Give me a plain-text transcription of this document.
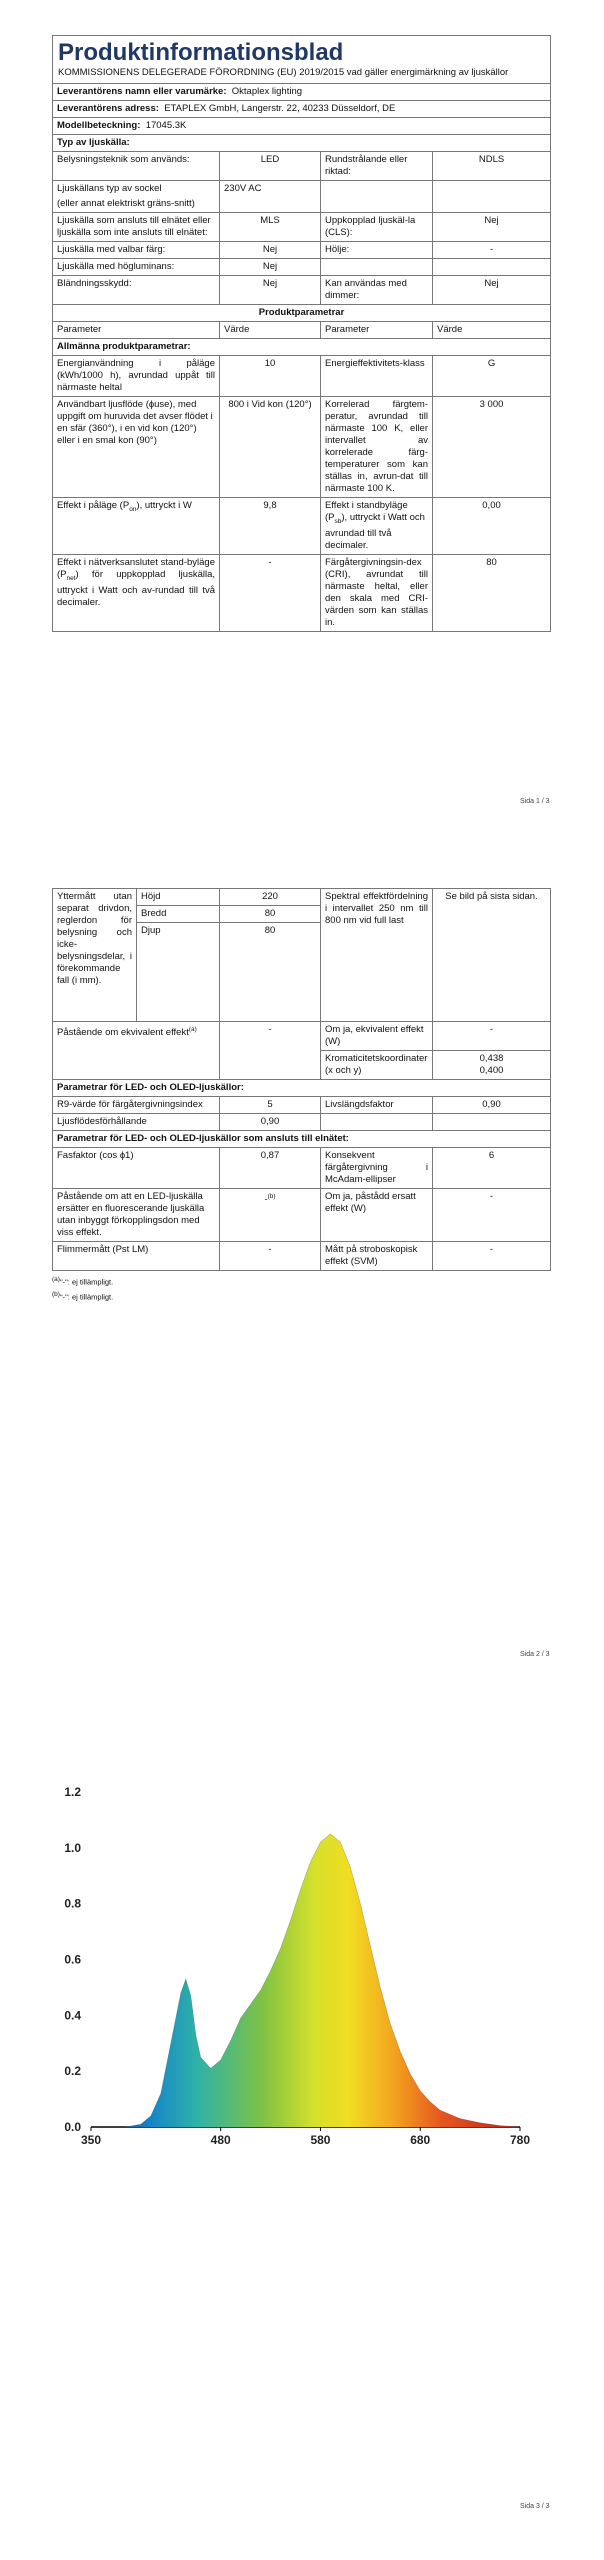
Produktinformationsblad
KOMMISSIONENS DELEGERADE FÖRORDNING (EU) 2019/2015 vad gäller energimärkning av ljuskällor			

Leverantörens namn eller varumärke: Oktaplex lighting			
Leverantörens adress: ETAPLEX GmbH, Langerstr. 22, 40233 Düsseldorf, DE			
Modellbeteckning: 17045.3K			
Typ av ljuskälla:			
Belysningsteknik som används:	LED	Rundstrålande eller riktad:	NDLS

Ljuskällans typ av sockel
(eller annat elektriskt gräns-snitt)	230V AC		
Ljuskälla som ansluts till elnätet eller ljuskälla som inte ansluts till elnätet:	MLS	Uppkopplad ljuskäl-la (CLS):	Nej
Ljuskälla med valbar färg:	Nej	Hölje:	-
Ljuskälla med högluminans:	Nej		
Bländningsskydd:	Nej	Kan användas med dimmer:	Nej
Produktparametrar			
Parameter	Värde	Parameter	Värde
Allmänna produktparametrar:			
Energianvändning i påläge (kWh/1000 h), avrundad uppåt till närmaste heltal	10	Energieffektivitets-klass	G
Användbart ljusflöde (ɸuse), med uppgift om huruvida det avser flödet i en sfär (360°), i en vid kon (120°) eller i en smal kon (90°)	800 i Vid kon (120°)	Korrelerad färgtem-peratur, avrundad till närmaste 100 K, eller intervallet av korrelerade färg-temperaturer som kan ställas in, avrun-dat till närmaste 100 K.	3 000
Effekt i påläge $(P_{on})$, uttryckt i W	9,8	Effekt i standbyläge $(P_{sb})$, uttryckt i Watt och avrundad till två decimaler.	0,00
Effekt i nätverksanslutet stand-byläge $(P_{net})$ för uppkopplad ljuskälla, uttryckt i Watt och av-rundad till två decimaler.	-	Färgåtergivningsin-dex (CRI), avrundat till närmaste heltal, eller den skala med CRI-värden som kan ställas in.	80
Sida 1 / 3
Yttermått utan separat drivdon, reglerdon för belysning och icke-belysningsdelar, i förekommande fall (i mm).	Höjd	220	Spektral effektfördelning i intervallet 250 nm till 800 nm vid full last	Se bild på sista sidan.
	Bredd	80		
	Djup	80		
Påstående om ekvivalent effekt$^{(a)}$		-	Om ja, ekvivalent effekt (W)	-
			Kromaticitetskoordinater (x och y)	0,438
0,400

Parametrar för LED- och OLED-ljuskällor:				
R9-värde för färgåtergivningsindex		5	Livslängdsfaktor	0,90
Ljusflödesförhållande		0,90		
Parametrar för LED- och OLED-ljuskällor som ansluts till elnätet:				
Fasfaktor (cos ɸ1)		0,87	Konsekvent färgåtergivning i McAdam-ellipser	6
Påstående om att en LED-ljuskälla ersätter en fluorescerande ljuskälla utan inbyggt förkopplingsdon med viss effekt.		-$^{(b)}$	Om ja, påstådd ersatt effekt (W)	-
Flimmermått (Pst LM)		-	Mått på stroboskopisk effekt (SVM)	-
$^{(a)}$"-": ej tillämpligt.
$^{(b)}$"-": ej tillämpligt.
Sida 2 / 3
350	480	580	680	780
0.0
0.2
0.4
0.6
0.8
1.0
1.2
Sida 3 / 3
